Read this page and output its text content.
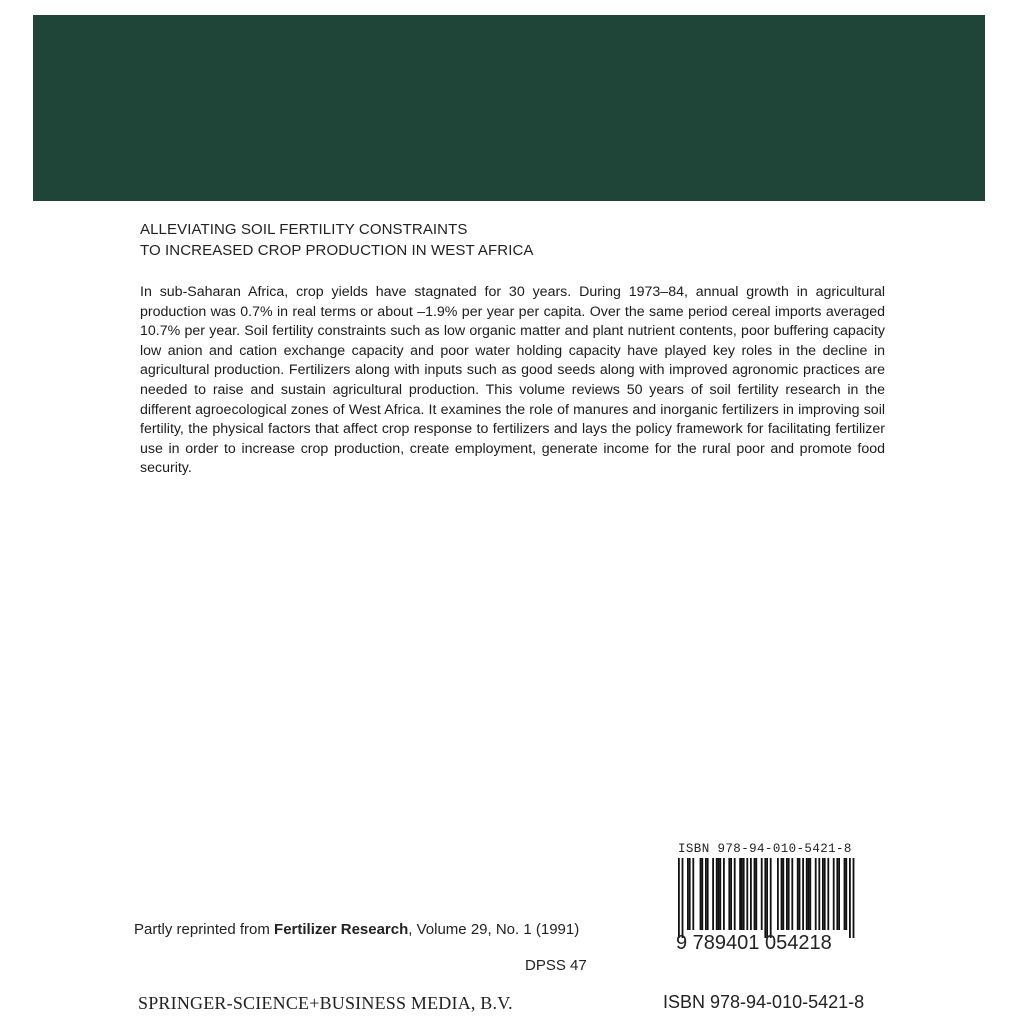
ALLEVIATING SOIL FERTILITY CONSTRAINTS
TO INCREASED CROP PRODUCTION IN WEST AFRICA
In sub-Saharan Africa, crop yields have stagnated for 30 years. During 1973–84, annual growth in agricultural production was 0.7% in real terms or about –1.9% per year per capita. Over the same period cereal imports averaged 10.7% per year. Soil fertility constraints such as low organic matter and plant nutrient contents, poor buffering capacity low anion and cation exchange capacity and poor water holding capacity have played key roles in the decline in agricultural production. Fertilizers along with inputs such as good seeds along with improved agronomic practices are needed to raise and sustain agricultural production. This volume reviews 50 years of soil fertility research in the different agroecological zones of West Africa. It examines the role of manures and inorganic fertilizers in improving soil fertility, the physical factors that affect crop response to fertilizers and lays the policy framework for facilitating fertilizer use in order to increase crop production, create employment, generate income for the rural poor and promote food security.
ISBN 978-94-010-5421-8
9 789401 054218
Partly reprinted from Fertilizer Research, Volume 29, No. 1 (1991)
DPSS 47
SPRINGER-SCIENCE+BUSINESS MEDIA, B.V.	ISBN 978-94-010-5421-8
